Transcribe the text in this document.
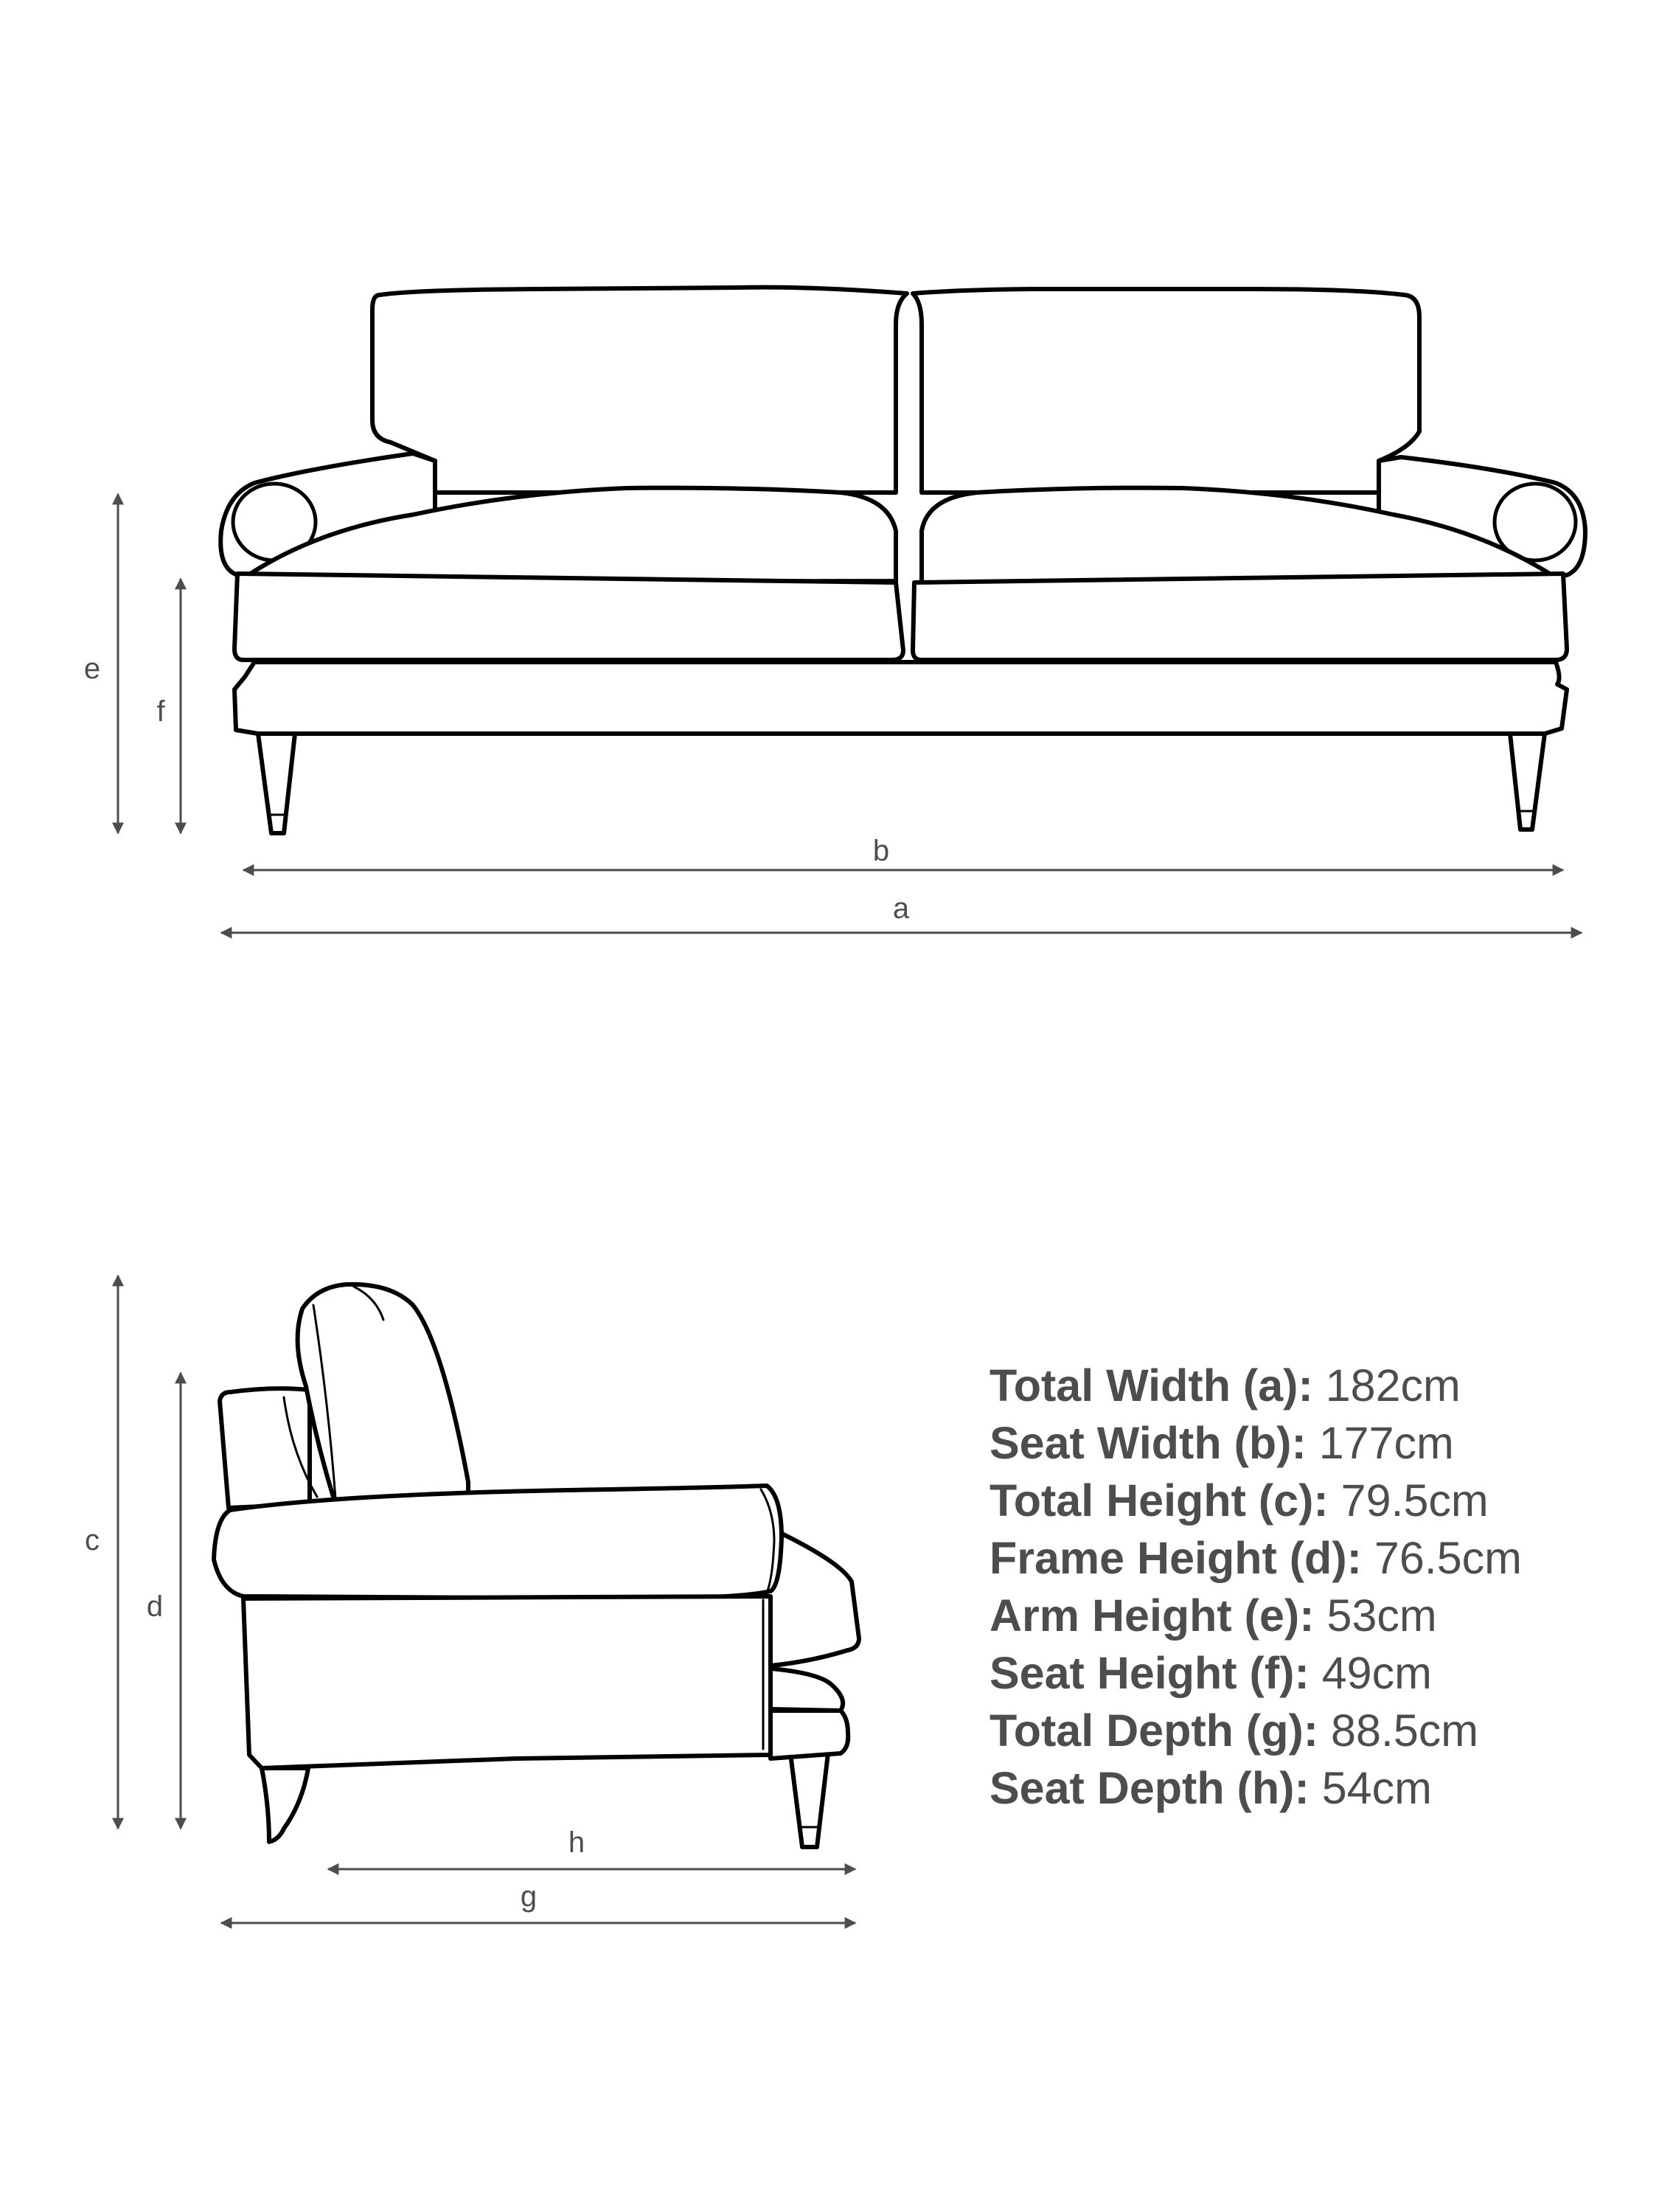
a
b
e
f
c
d
h
g
Total Width (a): 182cm
Seat Width (b): 177cm
Total Height (c): 79.5cm
Frame Height (d): 76.5cm
Arm Height (e): 53cm
Seat Height (f): 49cm
Total Depth (g): 88.5cm
Seat Depth (h): 54cm
